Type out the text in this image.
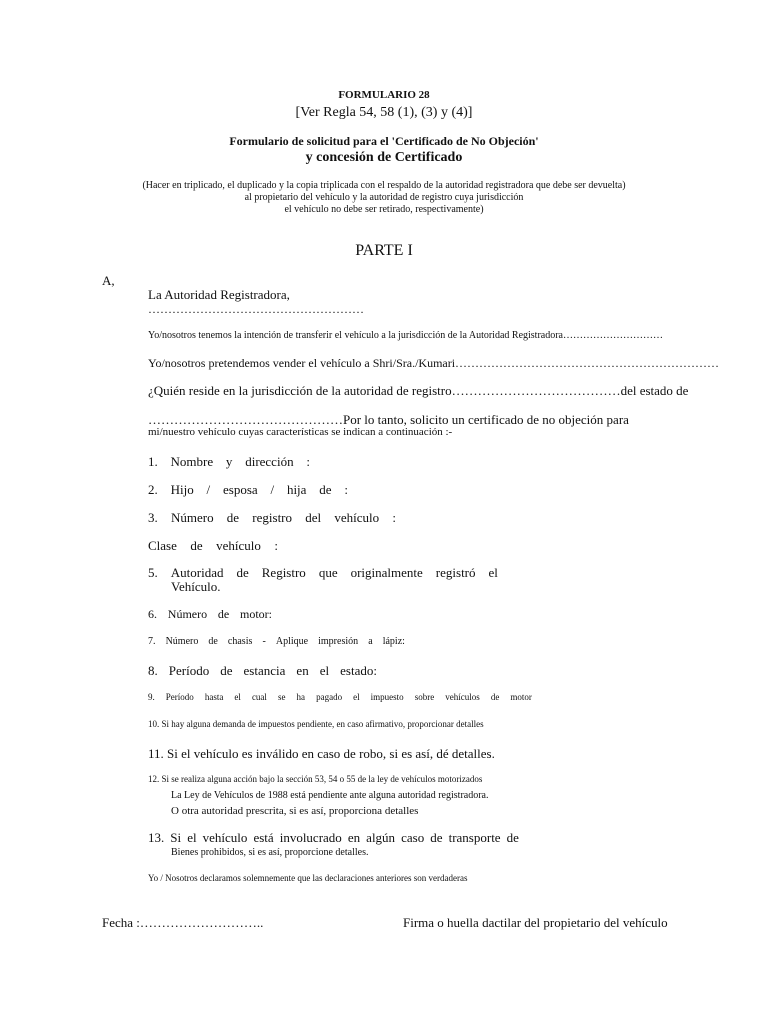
FORMULARIO 28
[Ver Regla 54, 58 (1), (3) y (4)]
Formulario de solicitud para el 'Certificado de No Objeción'
y concesión de Certificado
(Hacer en triplicado, el duplicado y la copia triplicada con el respaldo de la autoridad registradora que debe ser devuelta)
al propietario del vehículo y la autoridad de registro cuya jurisdicción
el vehículo no debe ser retirado, respectivamente)
PARTE I
A,
La Autoridad Registradora,
………………………………………………
Yo/nosotros tenemos la intención de transferir el vehículo a la jurisdicción de la Autoridad Registradora…………………………
Yo/nosotros pretendemos vender el vehículo a Shri/Sra./Kumari…………………………………………………………
¿Quién reside en la jurisdicción de la autoridad de registro…………………………………del estado de
………………………………………Por lo tanto, solicito un certificado de no objeción para
mi/nuestro vehículo cuyas características se indican a continuación :-
1. Nombre y dirección :
2. Hijo / esposa / hija de :
3. Número de registro del vehículo :
Clase de vehículo :
5. Autoridad de Registro que originalmente registró el
Vehículo.
6. Número de motor:
7. Número de chasis - Aplique impresión a lápiz:
8. Período de estancia en el estado:
9. Período hasta el cual se ha pagado el impuesto sobre vehículos de motor
10. Si hay alguna demanda de impuestos pendiente, en caso afirmativo, proporcionar detalles
11. Si el vehículo es inválido en caso de robo, si es así, dé detalles.
12. Si se realiza alguna acción bajo la sección 53, 54 o 55 de la ley de vehículos motorizados
La Ley de Vehículos de 1988 está pendiente ante alguna autoridad registradora.
O otra autoridad prescrita, si es así, proporciona detalles
13. Si el vehículo está involucrado en algún caso de transporte de
Bienes prohibidos, si es así, proporcione detalles.
Yo / Nosotros declaramos solemnemente que las declaraciones anteriores son verdaderas
Fecha :………………………..	Firma o huella dactilar del propietario del vehículo
